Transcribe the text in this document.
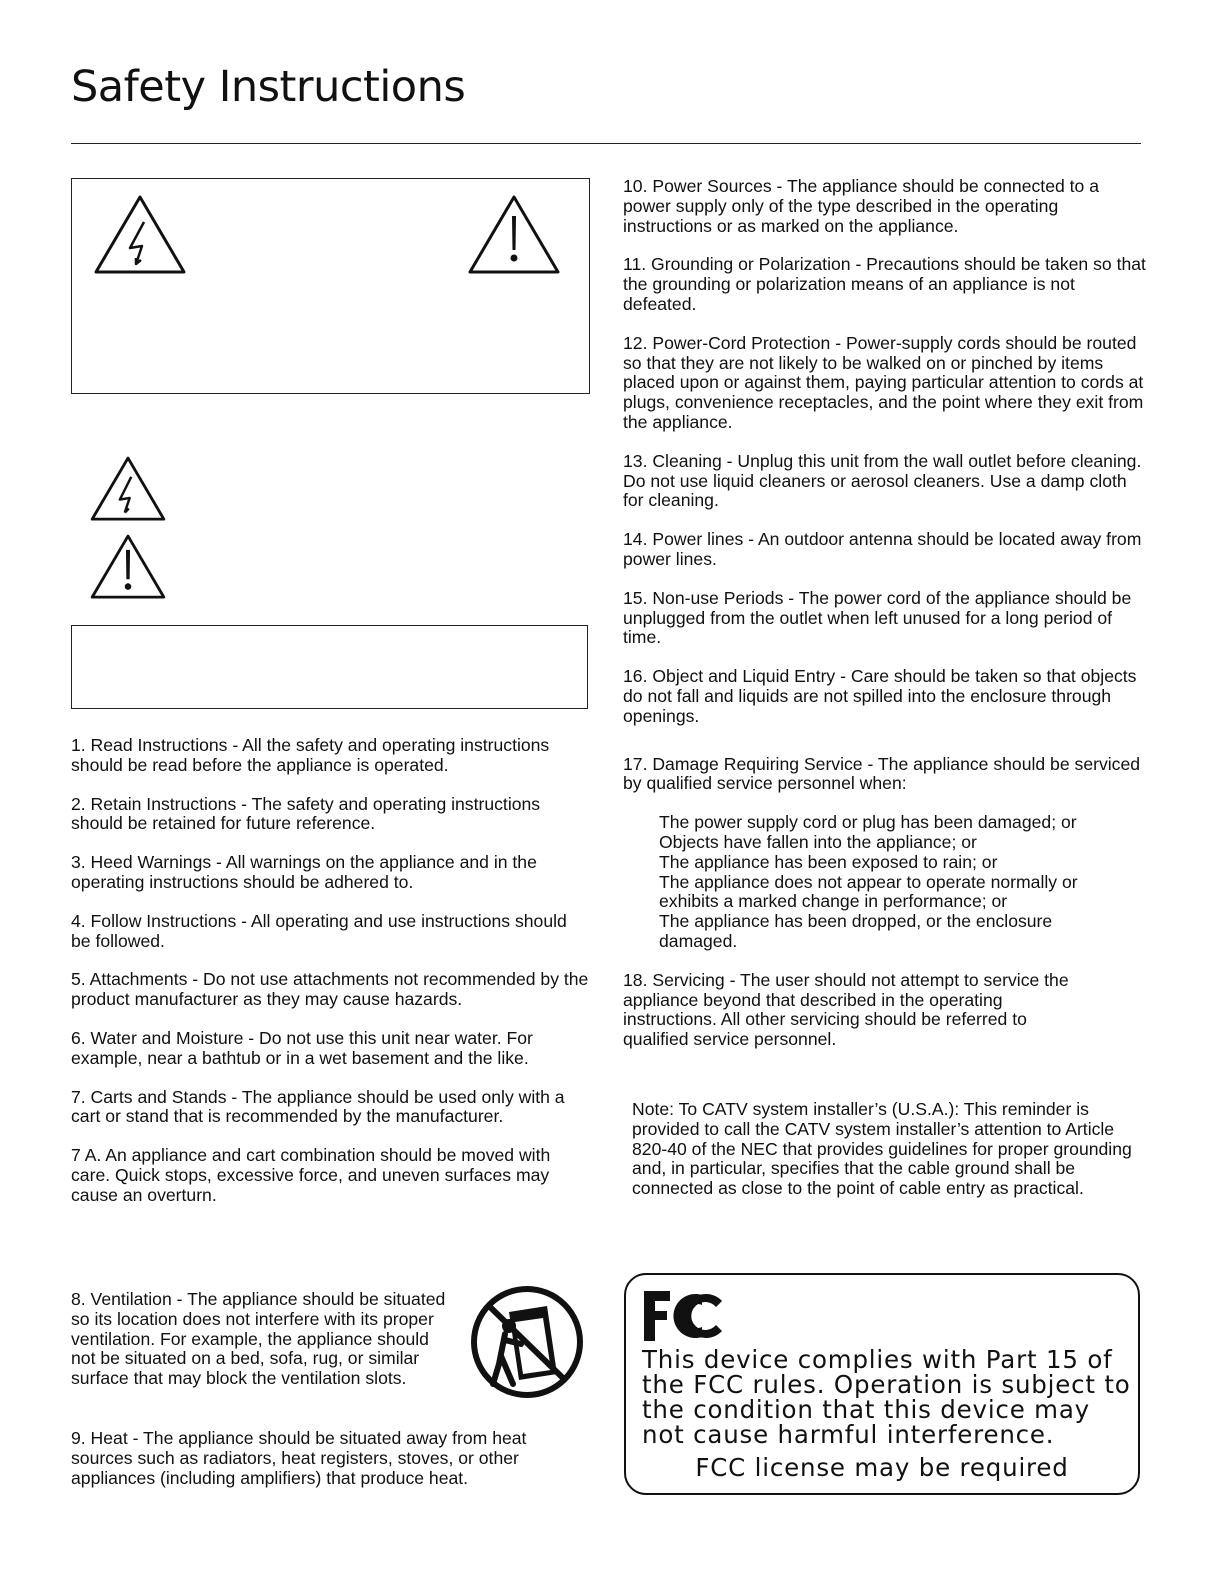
Safety Instructions

1. Read Instructions - All the safety and operating instructions should be read before the appliance is operated.

2. Retain Instructions - The safety and operating instructions should be retained for future reference.

3. Heed Warnings - All warnings on the appliance and in the operating instructions should be adhered to.

4. Follow Instructions - All operating and use instructions should be followed.

5. Attachments - Do not use attachments not recommended by the product manufacturer as they may cause hazards.

6. Water and Moisture - Do not use this unit near water. For example, near a bathtub or in a wet basement and the like.

7. Carts and Stands - The appliance should be used only with a cart or stand that is recommended by the manufacturer.

7 A. An appliance and cart combination should be moved with care. Quick stops, excessive force, and uneven surfaces may cause an overturn.

8. Ventilation - The appliance should be situated so its location does not interfere with its proper ventilation. For example, the appliance should not be situated on a bed, sofa, rug, or similar surface that may block the ventilation slots.

9. Heat - The appliance should be situated away from heat sources such as radiators, heat registers, stoves, or other appliances (including amplifiers) that produce heat.

10. Power Sources - The appliance should be connected to a power supply only of the type described in the operating instructions or as marked on the appliance.

11. Grounding or Polarization - Precautions should be taken so that the grounding or polarization means of an appliance is not defeated.

12. Power-Cord Protection - Power-supply cords should be routed so that they are not likely to be walked on or pinched by items placed upon or against them, paying particular attention to cords at plugs, convenience receptacles, and the point where they exit from the appliance.

13. Cleaning - Unplug this unit from the wall outlet before cleaning. Do not use liquid cleaners or aerosol cleaners. Use a damp cloth for cleaning.

14. Power lines - An outdoor antenna should be located away from power lines.

15. Non-use Periods - The power cord of the appliance should be unplugged from the outlet when left unused for a long period of time.

16. Object and Liquid Entry - Care should be taken so that objects do not fall and liquids are not spilled into the enclosure through openings.

17. Damage Requiring Service - The appliance should be serviced by qualified service personnel when:

The power supply cord or plug has been damaged; or

Objects have fallen into the appliance; or

The appliance has been exposed to rain; or

The appliance does not appear to operate normally or exhibits a marked change in performance; or

The appliance has been dropped, or the enclosure damaged.

18. Servicing - The user should not attempt to service the appliance beyond that described in the operating instructions. All other servicing should be referred to qualified service personnel.

Note: To CATV system installer’s (U.S.A.): This reminder is provided to call the CATV system installer’s attention to Article 820-40 of the NEC that provides guidelines for proper grounding and, in particular, specifies that the cable ground shall be connected as close to the point of cable entry as practical.

This device complies with Part 15 of the FCC rules. Operation is subject to the condition that this device may not cause harmful interference.

FCC license may be required
